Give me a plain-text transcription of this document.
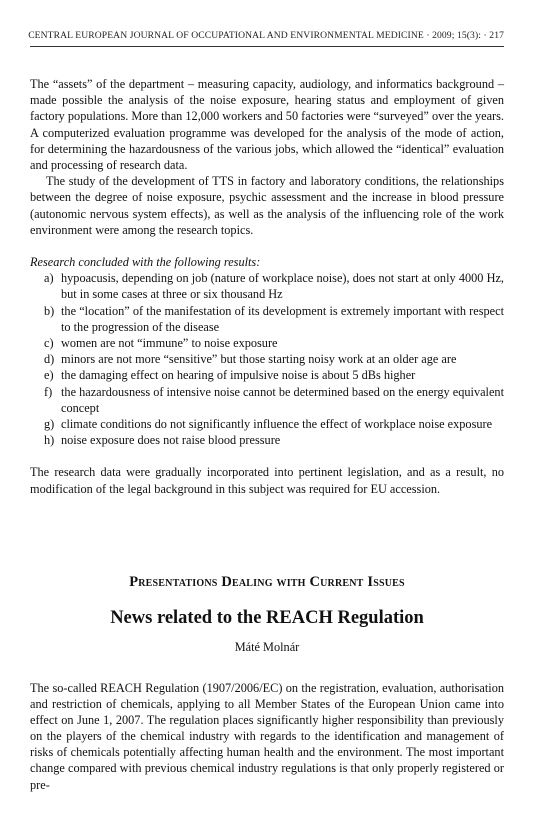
CENTRAL EUROPEAN JOURNAL OF OCCUPATIONAL AND ENVIRONMENTAL MEDICINE · 2009; 15(3): · 217

The “assets” of the department – measuring capacity, audiology, and informatics background – made possible the analysis of the noise exposure, hearing status and employment of given factory populations. More than 12,000 workers and 50 factories were “surveyed” over the years. A computerized evaluation programme was developed for the analysis of the mode of action, for determining the hazardousness of the various jobs, which allowed the “identical” evaluation and processing of research data.

The study of the development of TTS in factory and laboratory conditions, the relationships between the degree of noise exposure, psychic assessment and the increase in blood pressure (autonomic nervous system effects), as well as the analysis of the influencing role of the work environment were among the research topics.

Research concluded with the following results:

a) hypoacusis, depending on job (nature of workplace noise), does not start at only 4000 Hz, but in some cases at three or six thousand Hz
b) the “location” of the manifestation of its development is extremely important with respect to the progression of the disease
c) women are not “immune” to noise exposure
d) minors are not more “sensitive” but those starting noisy work at an older age are
e) the damaging effect on hearing of impulsive noise is about 5 dBs higher
f) the hazardousness of intensive noise cannot be determined based on the energy equivalent concept
g) climate conditions do not significantly influence the effect of workplace noise exposure
h) noise exposure does not raise blood pressure

The research data were gradually incorporated into pertinent legislation, and as a result, no modification of the legal background in this subject was required for EU accession.

Presentations Dealing with Current Issues
News related to the REACH Regulation
Máté Molnár

The so-called REACH Regulation (1907/2006/EC) on the registration, evaluation, authorisation and restriction of chemicals, applying to all Member States of the European Union came into effect on June 1, 2007. The regulation places significantly higher responsibility than previously on the players of the chemical industry with regards to the identification and management of risks of chemicals potentially affecting human health and the environment. The most important change compared with previous chemical industry regulations is that only properly registered or pre-
